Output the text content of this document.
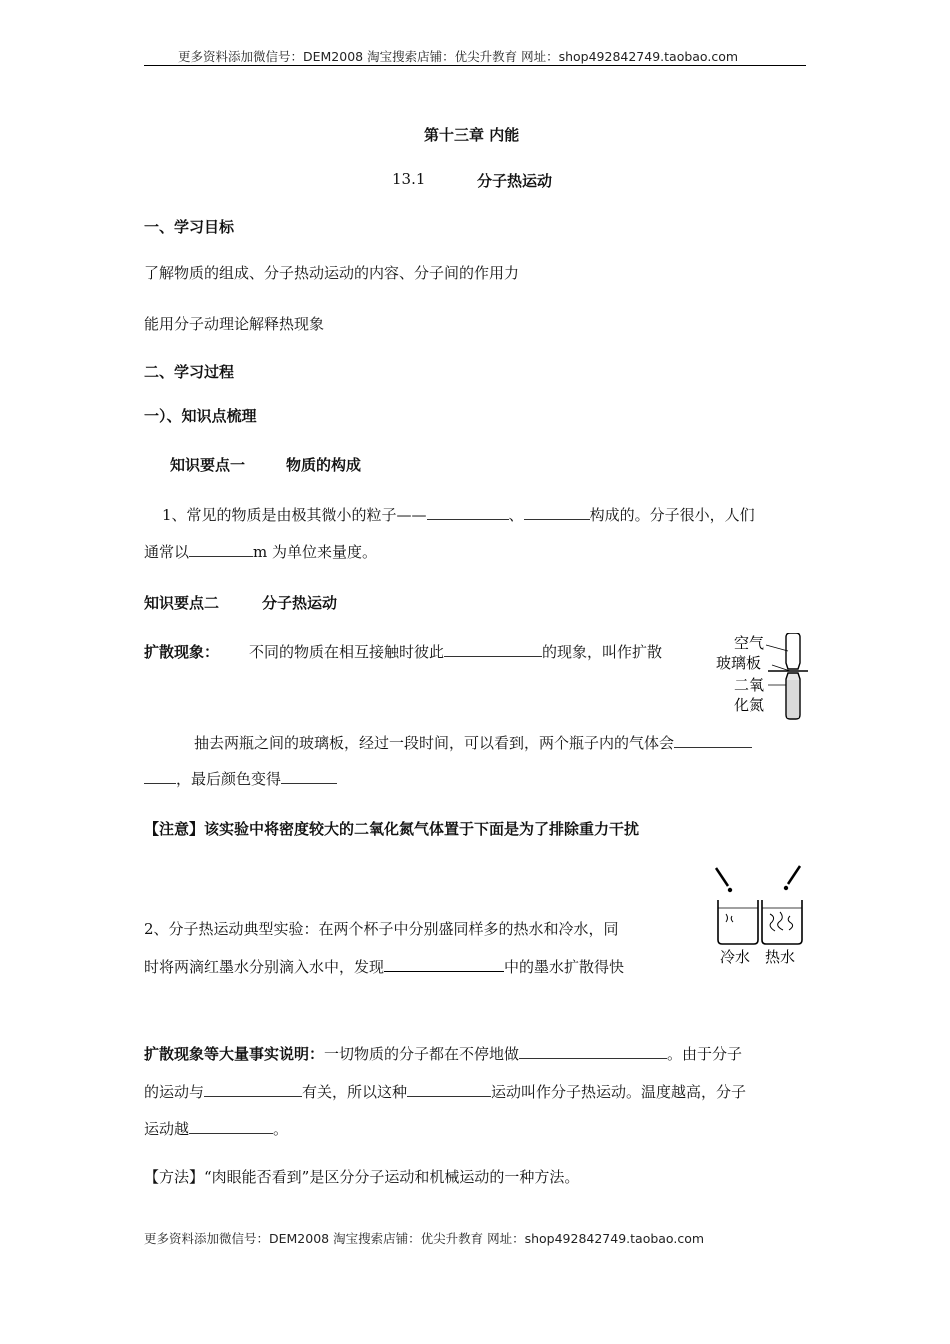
更多资料添加微信号：DEM2008 淘宝搜索店铺：优尖升教育 网址：shop492842749.taobao.com
第十三章 内能
13.1	分子热运动
一、学习目标
了解物质的组成、分子热动运动的内容、分子间的作用力
能用分子动理论解释热现象
二、学习过程
一）、知识点梳理
知识要点一	物质的构成
1、常见的物质是由极其微小的粒子——	、	构成的。分子很小，人们
通常以	m 为单位来量度。
知识要点二	分子热运动
扩散现象： 不同的物质在相互接触时彼此	的现象，叫作扩散	空气
玻璃板
二氧
化氮
抽去两瓶之间的玻璃板，经过一段时间，可以看到，两个瓶子内的气体会
，最后颜色变得
【注意】该实验中将密度较大的二氧化氮气体置于下面是为了排除重力干扰
冷水 热水
2、分子热运动典型实验：在两个杯子中分别盛同样多的热水和冷水，同
时将两滴红墨水分别滴入水中，发现	中的墨水扩散得快
扩散现象等大量事实说明：一切物质的分子都在不停地做	。由于分子
的运动与	有关，所以这种	运动叫作分子热运动。温度越高，分子
运动越	。
【方法】“肉眼能否看到”是区分分子运动和机械运动的一种方法。
更多资料添加微信号：DEM2008 淘宝搜索店铺：优尖升教育 网址：shop492842749.taobao.com
